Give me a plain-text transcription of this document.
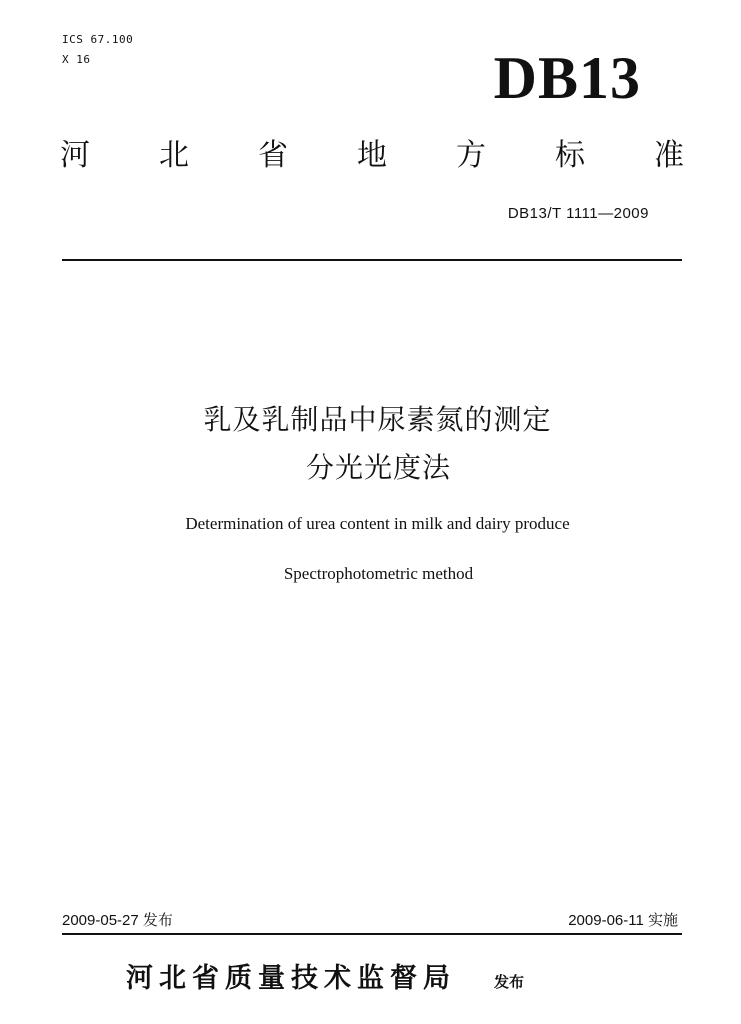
ICS 67.100
X 16	DB13
河 北 省 地 方 标 准
DB13/T 1111—2009
乳及乳制品中尿素氮的测定
分光光度法
Determination of urea content in milk and dairy produce
Spectrophotometric method
2009-05-27 发布	2009-06-11 实施
河北省质量技术监督局	发布
